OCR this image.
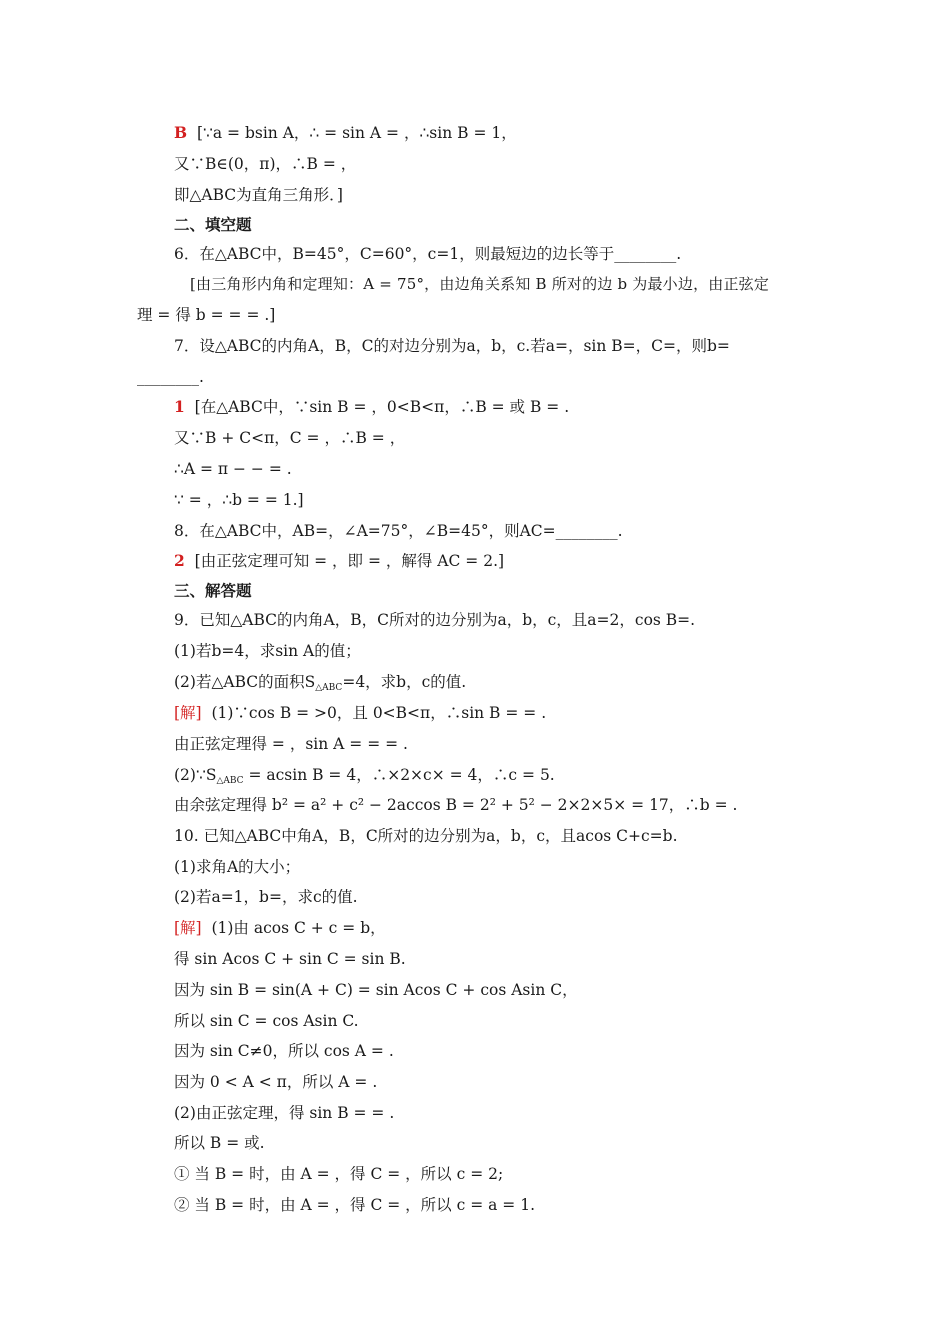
B  [∵a = bsin A，∴ = sin A = ，∴sin B = 1，
又∵B∈(0，π)，∴B = ，
即△ABC为直角三角形．]
二、填空题
6．在△ABC中，B=45°，C=60°，c=1，则最短边的边长等于________.
[由三角形内角和定理知：A = 75°，由边角关系知 B 所对的边 b 为最小边，由正弦定
理 = 得 b = = = .]
7．设△ABC的内角A，B，C的对边分别为a，b，c.若a=，sin B=，C=，则b=
________.
1  [在△ABC中，∵sin B = ，0<B<π，∴B = 或 B = .
又∵B + C<π，C = ，∴B = ，
∴A = π − − = .
∵ = ，∴b = = 1.]
8．在△ABC中，AB=，∠A=75°，∠B=45°，则AC=________.
2  [由正弦定理可知 = ，即 = ，解得 AC = 2.]
三、解答题
9．已知△ABC的内角A，B，C所对的边分别为a，b，c，且a=2，cos B=.
(1)若b=4，求sin A的值；
(2)若△ABC的面积$S_{\triangle ABC}=4$，求b，c的值.
[解]  (1)∵cos B = >0，且 0<B<π，∴sin B = = .
由正弦定理得 = ，sin A = = = .
$(2)\because S_{\triangle ABC} = acsin$ B = 4，∴×2×c× = 4，∴c = 5.
由余弦定理得 b² = a² + c² − 2accos B = 2² + 5² − 2×2×5× = 17，∴b = .
10. 已知△ABC中角A，B，C所对的边分别为a，b，c，且acos C+c=b.
(1)求角A的大小；
(2)若a=1，b=，求c的值.
[解]  (1)由 acos C + c = b，
得 sin Acos C + sin C = sin B.
因为 sin B = sin(A + C) = sin Acos C + cos Asin C，
所以 sin C = cos Asin C.
因为 sin C≠0，所以 cos A = .
因为 0 < A < π，所以 A = .
(2)由正弦定理，得 sin B = = .
所以 B = 或.
① 当 B = 时，由 A = ，得 C = ，所以 c = 2;
② 当 B = 时，由 A = ，得 C = ，所以 c = a = 1.
